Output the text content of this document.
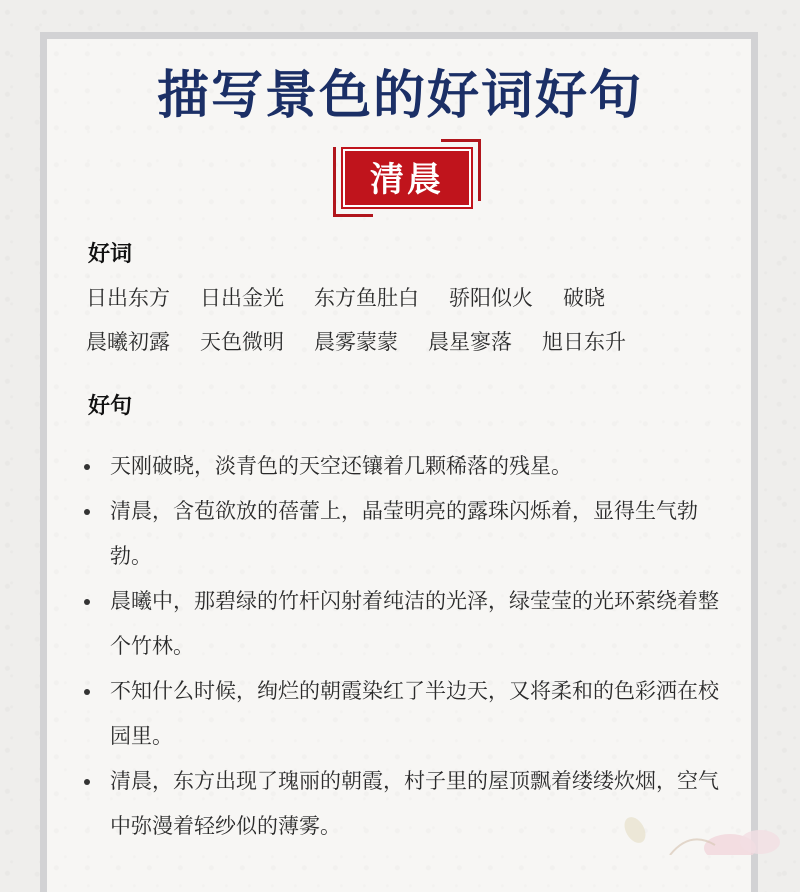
描写景色的好词好句
清晨
好词
日出东方 日出金光 东方鱼肚白 骄阳似火 破晓
晨曦初露 天色微明 晨雾蒙蒙 晨星寥落 旭日东升
好句
天刚破晓，淡青色的天空还镶着几颗稀落的残星。
清晨，含苞欲放的蓓蕾上，晶莹明亮的露珠闪烁着，显得生气勃勃。
晨曦中，那碧绿的竹杆闪射着纯洁的光泽，绿莹莹的光环萦绕着整个竹林。
不知什么时候，绚烂的朝霞染红了半边天，又将柔和的色彩洒在校园里。
清晨，东方出现了瑰丽的朝霞，村子里的屋顶飘着缕缕炊烟，空气中弥漫着轻纱似的薄雾。
